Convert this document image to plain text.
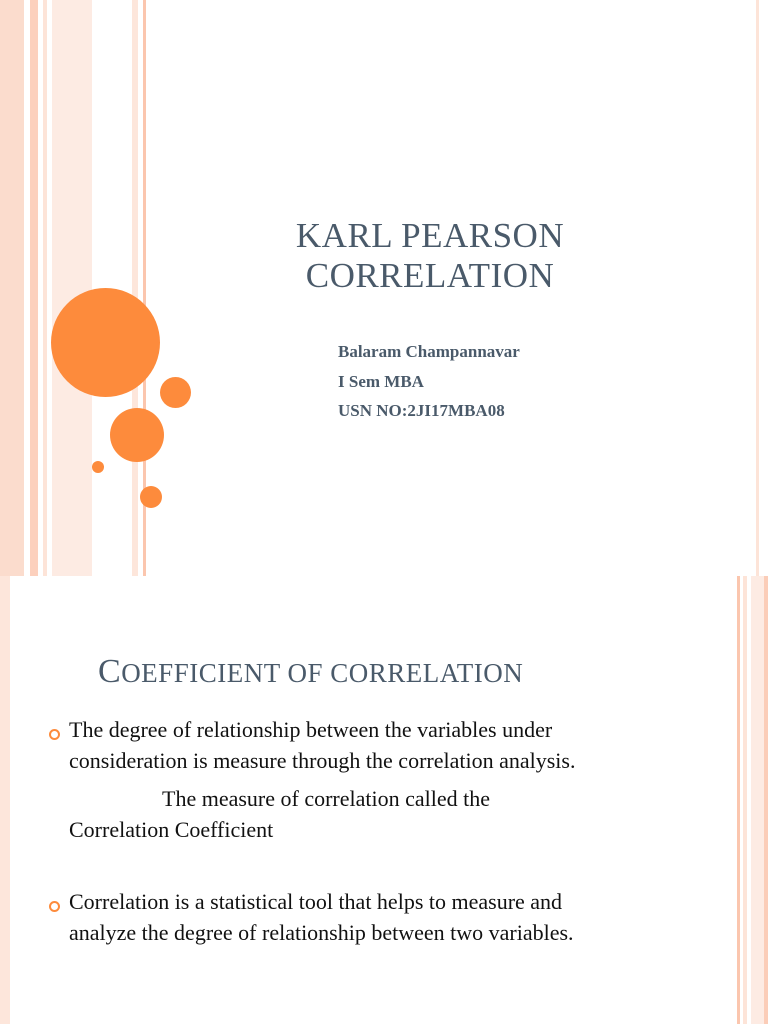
KARL PEARSON
CORRELATION
Balaram Champannavar
I Sem MBA
USN NO:2JI17MBA08
COEFFICIENT OF CORRELATION
The degree of relationship between the variables under
consideration is measure through the correlation analysis.
The measure of correlation called the
Correlation Coefficient
Correlation is a statistical tool that helps to measure and
analyze the degree of relationship between two variables.
